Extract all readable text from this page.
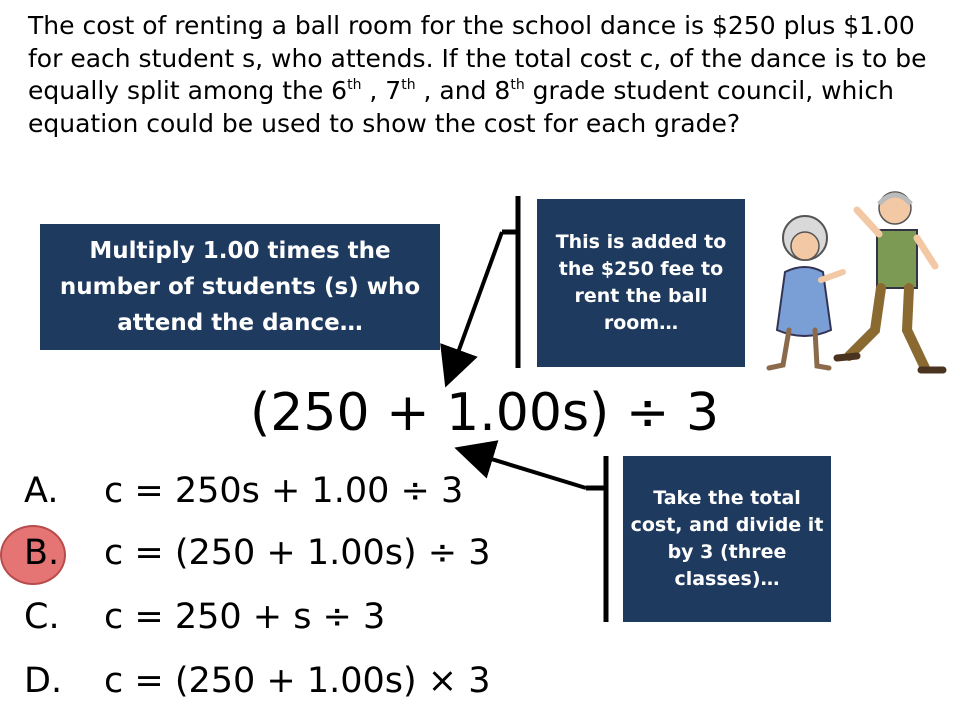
The cost of renting a ball room for the school dance is $250 plus $1.00 for each student s, who attends. If the total cost c, of the dance is to be equally split among the 6th , 7th , and 8th grade student council, which equation could be used to show the cost for each grade?
Multiply 1.00 times the number of students (s) who attend the dance…
This is added to the $250 fee to rent the ball room…
Take the total cost, and divide it by 3 (three classes)…
(250 + 1.00s) ÷ 3
A. c = 250s + 1.00 ÷ 3
B. c = (250 + 1.00s) ÷ 3
C. c = 250 + s ÷ 3
D. c = (250 + 1.00s) × 3
